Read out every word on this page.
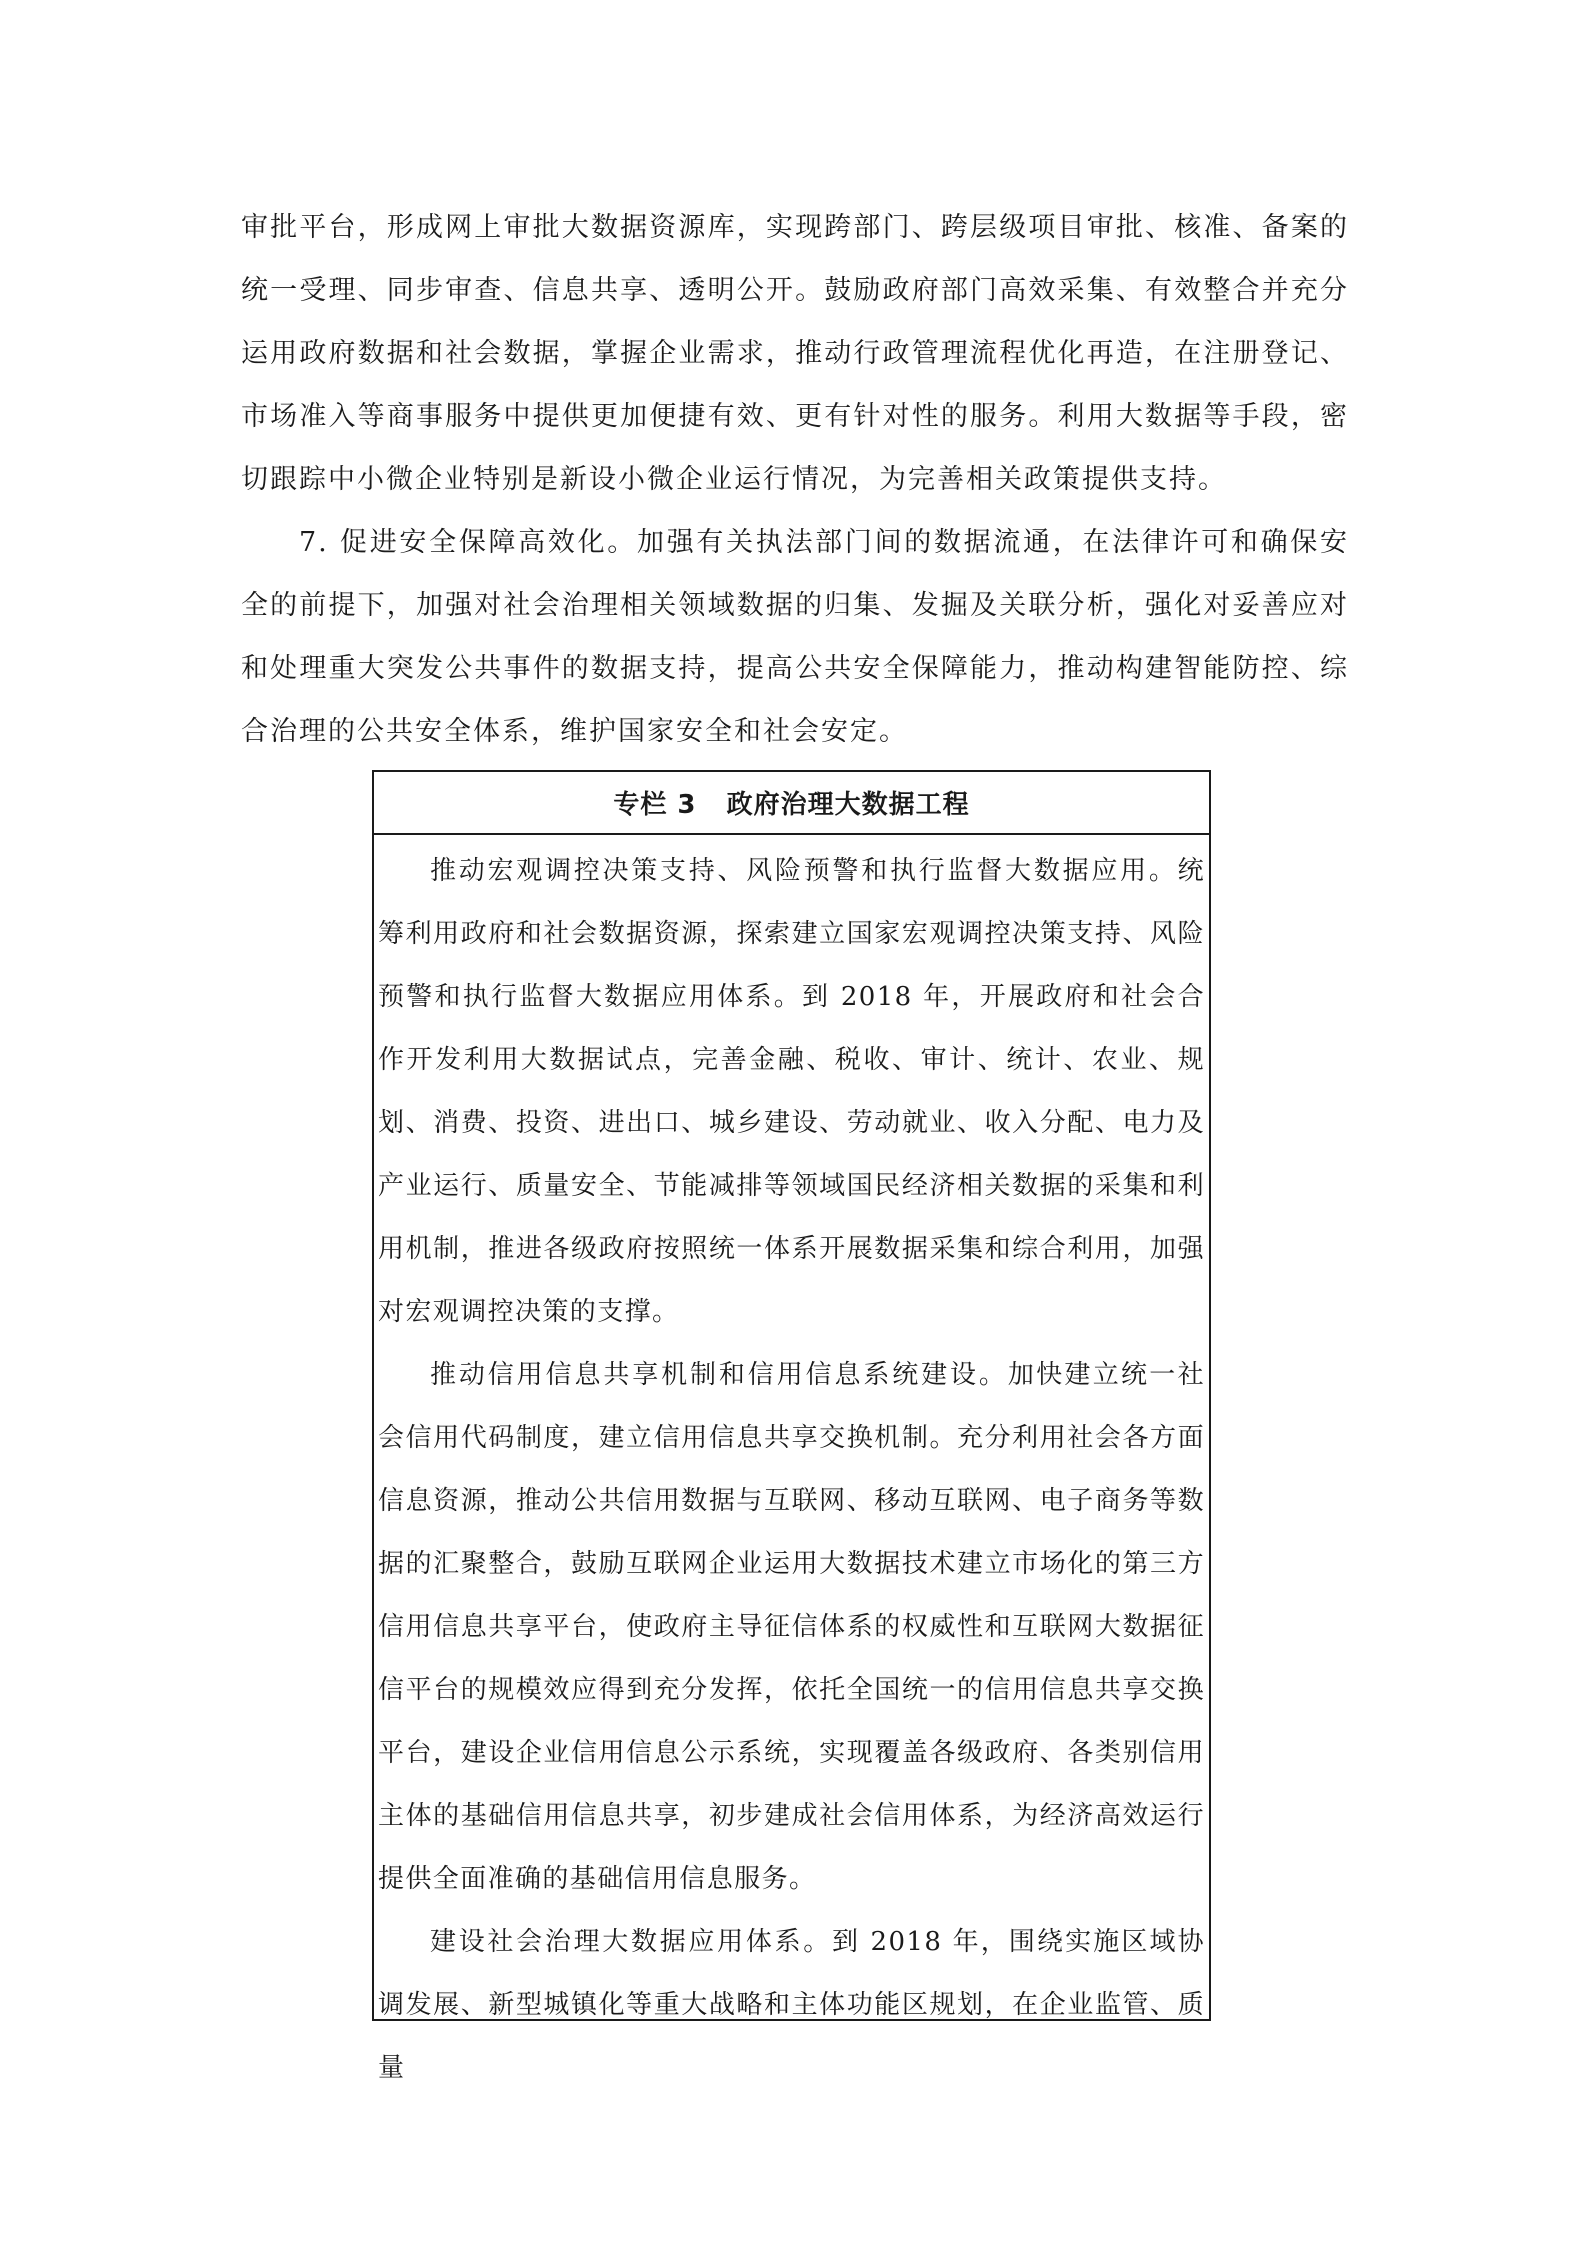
审批平台，形成网上审批大数据资源库，实现跨部门、跨层级项目审批、核准、备案的统一受理、同步审查、信息共享、透明公开。鼓励政府部门高效采集、有效整合并充分运用政府数据和社会数据，掌握企业需求，推动行政管理流程优化再造，在注册登记、市场准入等商事服务中提供更加便捷有效、更有针对性的服务。利用大数据等手段，密切跟踪中小微企业特别是新设小微企业运行情况，为完善相关政策提供支持。

7. 促进安全保障高效化。加强有关执法部门间的数据流通，在法律许可和确保安全的前提下，加强对社会治理相关领域数据的归集、发掘及关联分析，强化对妥善应对和处理重大突发公共事件的数据支持，提高公共安全保障能力，推动构建智能防控、综合治理的公共安全体系，维护国家安全和社会安定。

专栏 3   政府治理大数据工程

推动宏观调控决策支持、风险预警和执行监督大数据应用。统筹利用政府和社会数据资源，探索建立国家宏观调控决策支持、风险预警和执行监督大数据应用体系。到 2018 年，开展政府和社会合作开发利用大数据试点，完善金融、税收、审计、统计、农业、规划、消费、投资、进出口、城乡建设、劳动就业、收入分配、电力及产业运行、质量安全、节能减排等领域国民经济相关数据的采集和利用机制，推进各级政府按照统一体系开展数据采集和综合利用，加强对宏观调控决策的支撑。

推动信用信息共享机制和信用信息系统建设。加快建立统一社会信用代码制度，建立信用信息共享交换机制。充分利用社会各方面信息资源，推动公共信用数据与互联网、移动互联网、电子商务等数据的汇聚整合，鼓励互联网企业运用大数据技术建立市场化的第三方信用信息共享平台，使政府主导征信体系的权威性和互联网大数据征信平台的规模效应得到充分发挥，依托全国统一的信用信息共享交换平台，建设企业信用信息公示系统，实现覆盖各级政府、各类别信用主体的基础信用信息共享，初步建成社会信用体系，为经济高效运行提供全面准确的基础信用信息服务。

建设社会治理大数据应用体系。到 2018 年，围绕实施区域协调发展、新型城镇化等重大战略和主体功能区规划，在企业监管、质量
